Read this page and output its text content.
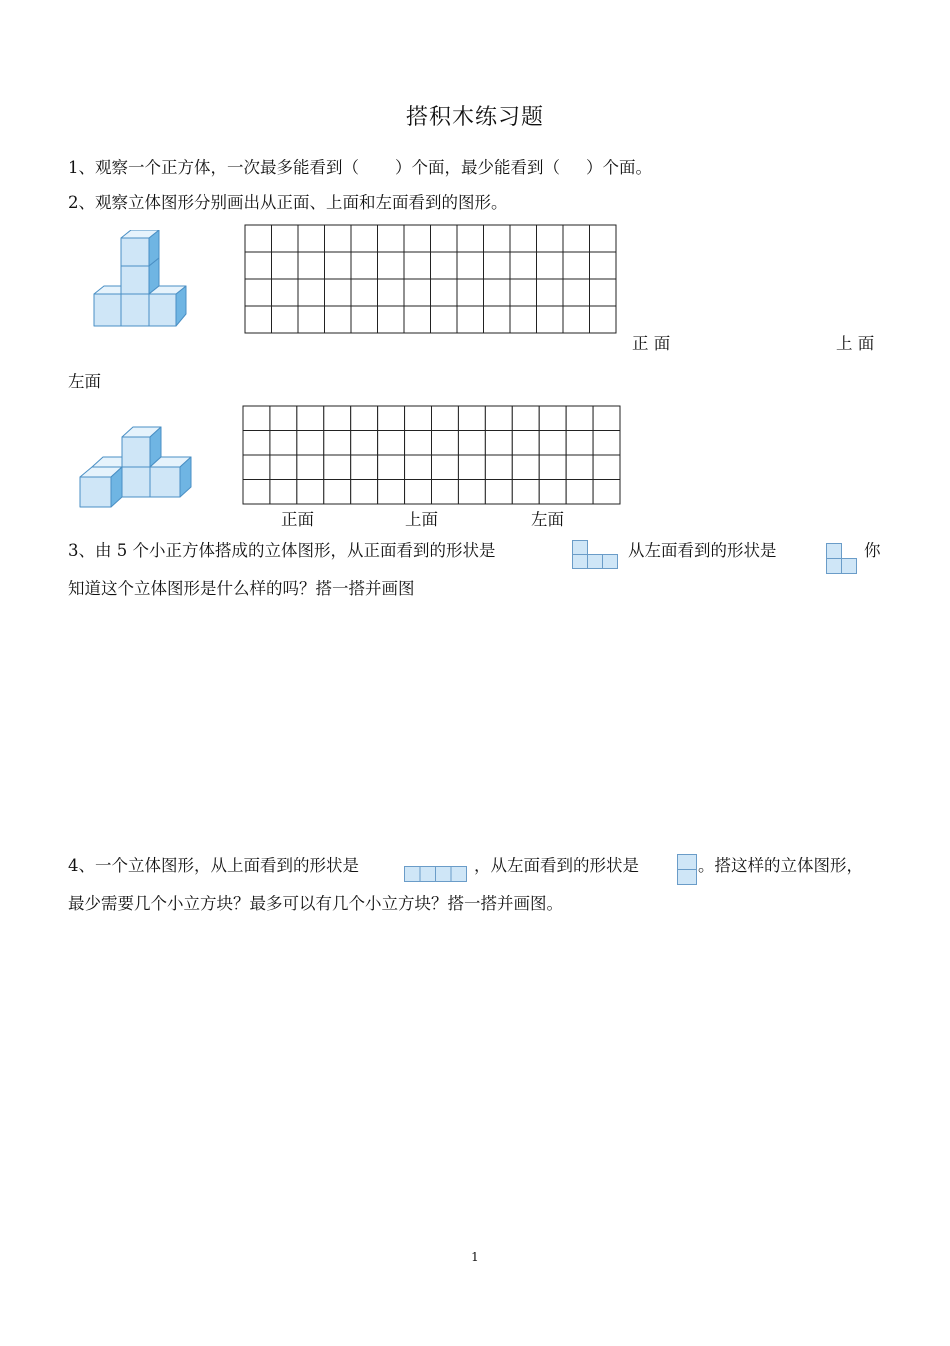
搭积木练习题
1、观察一个正方体，一次最多能看到（ ）个面，最少能看到（ ）个面。
2、观察立体图形分别画出从正面、上面和左面看到的图形。
正 面	上 面
左面
正面	上面	左面
3、由 5 个小正方体搭成的立体图形，从正面看到的形状是	从左面看到的形状是	你
知道这个立体图形是什么样的吗？搭一搭并画图
4、一个立体图形，从上面看到的形状是	，从左面看到的形状是	。搭这样的立体图形，
最少需要几个小立方块？最多可以有几个小立方块？搭一搭并画图。
1
